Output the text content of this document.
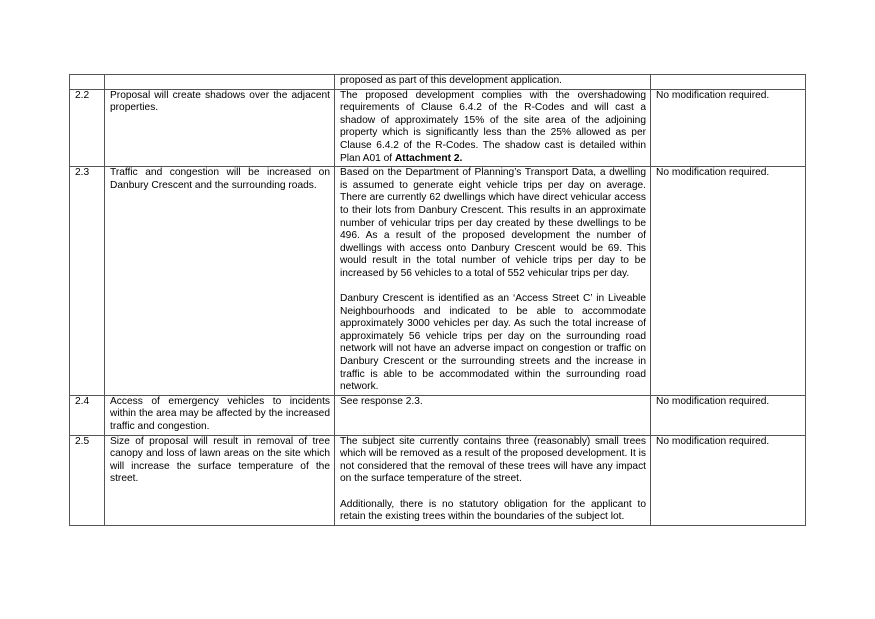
		proposed as part of this development application.	

2.2	Proposal will create shadows over the adjacent properties.	The proposed development complies with the overshadowing requirements of Clause 6.4.2 of the R-Codes and will cast a shadow of approximately 15% of the site area of the adjoining property which is significantly less than the 25% allowed as per Clause 6.4.2 of the R-Codes. The shadow cast is detailed within Plan A01 of Attachment 2.	No modification required.
2.3	Traffic and congestion will be increased on Danbury Crescent and the surrounding roads.	Based on the Department of Planning’s Transport Data, a dwelling is assumed to generate eight vehicle trips per day on average. There are currently 62 dwellings which have direct vehicular access to their lots from Danbury Crescent. This results in an approximate number of vehicular trips per day created by these dwellings to be 496. As a result of the proposed development the number of dwellings with access onto Danbury Crescent would be 69. This would result in the total number of vehicle trips per day to be increased by 56 vehicles to a total of 552 vehicular trips per day.

Danbury Crescent is identified as an ‘Access Street C’ in Liveable Neighbourhoods and indicated to be able to accommodate approximately 3000 vehicles per day. As such the total increase of approximately 56 vehicle trips per day on the surrounding road network will not have an adverse impact on congestion or traffic on Danbury Crescent or the surrounding streets and the increase in traffic is able to be accommodated within the surrounding road network.	No modification required.
2.4	Access of emergency vehicles to incidents within the area may be affected by the increased traffic and congestion.	See response 2.3.	No modification required.
2.5	Size of proposal will result in removal of tree canopy and loss of lawn areas on the site which will increase the surface temperature of the street.	The subject site currently contains three (reasonably) small trees which will be removed as a result of the proposed development. It is not considered that the removal of these trees will have any impact on the surface temperature of the street.

Additionally, there is no statutory obligation for the applicant to retain the existing trees within the boundaries of the subject lot.	No modification required.
